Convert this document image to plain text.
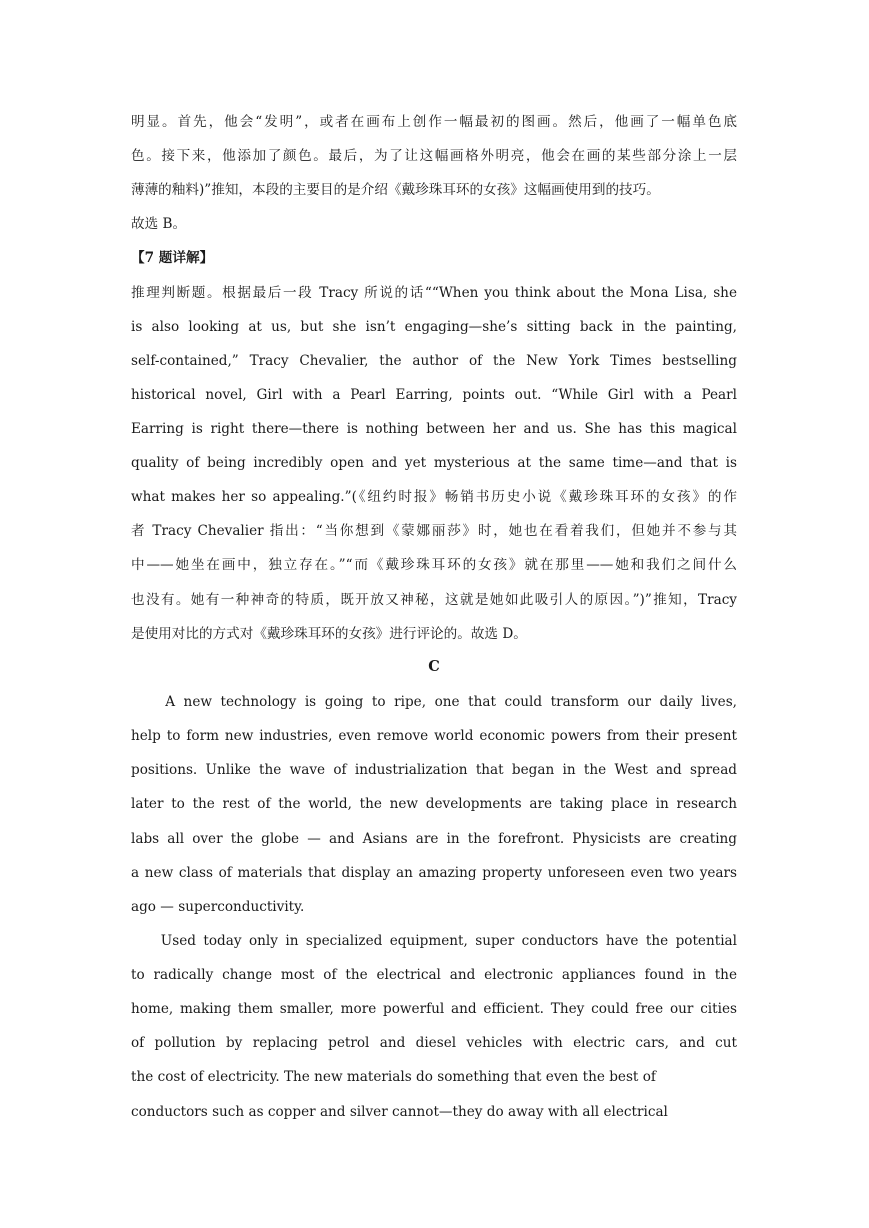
明显。首先，他会“发明”，或者在画布上创作一幅最初的图画。然后，他画了一幅单色底
色。接下来，他添加了颜色。最后，为了让这幅画格外明亮，他会在画的某些部分涂上一层
薄薄的釉料)”推知，本段的主要目的是介绍《戴珍珠耳环的女孩》这幅画使用到的技巧。
故选 B。
【7 题详解】
推理判断题。根据最后一段 Tracy 所说的话““When you think about the Mona Lisa, she
is also looking at us, but she isn’t engaging—she’s sitting back in the painting,
self-contained,” Tracy Chevalier, the author of the New York Times bestselling
historical novel, Girl with a Pearl Earring, points out. “While Girl with a Pearl
Earring is right there—there is nothing between her and us. She has this magical
quality of being incredibly open and yet mysterious at the same time—and that is
what makes her so appealing.”(《纽约时报》畅销书历史小说《戴珍珠耳环的女孩》的作
者 Tracy Chevalier 指出：“当你想到《蒙娜丽莎》时，她也在看着我们，但她并不参与其
中——她坐在画中，独立存在。”“而《戴珍珠耳环的女孩》就在那里——她和我们之间什么
也没有。她有一种神奇的特质，既开放又神秘，这就是她如此吸引人的原因。”)”推知，Tracy
是使用对比的方式对《戴珍珠耳环的女孩》进行评论的。故选 D。
C
A new technology is going to ripe, one that could transform our daily lives,
help to form new industries, even remove world economic powers from their present
positions. Unlike the wave of industrialization that began in the West and spread
later to the rest of the world, the new developments are taking place in research
labs all over the globe — and Asians are in the forefront. Physicists are creating
a new class of materials that display an amazing property unforeseen even two years
ago — superconductivity.
Used today only in specialized equipment, super conductors have the potential
to radically change most of the electrical and electronic appliances found in the
home, making them smaller, more powerful and efficient. They could free our cities
of pollution by replacing petrol and diesel vehicles with electric cars, and cut
the cost of electricity. The new materials do something that even the best of
conductors such as copper and silver cannot—they do away with all electrical
